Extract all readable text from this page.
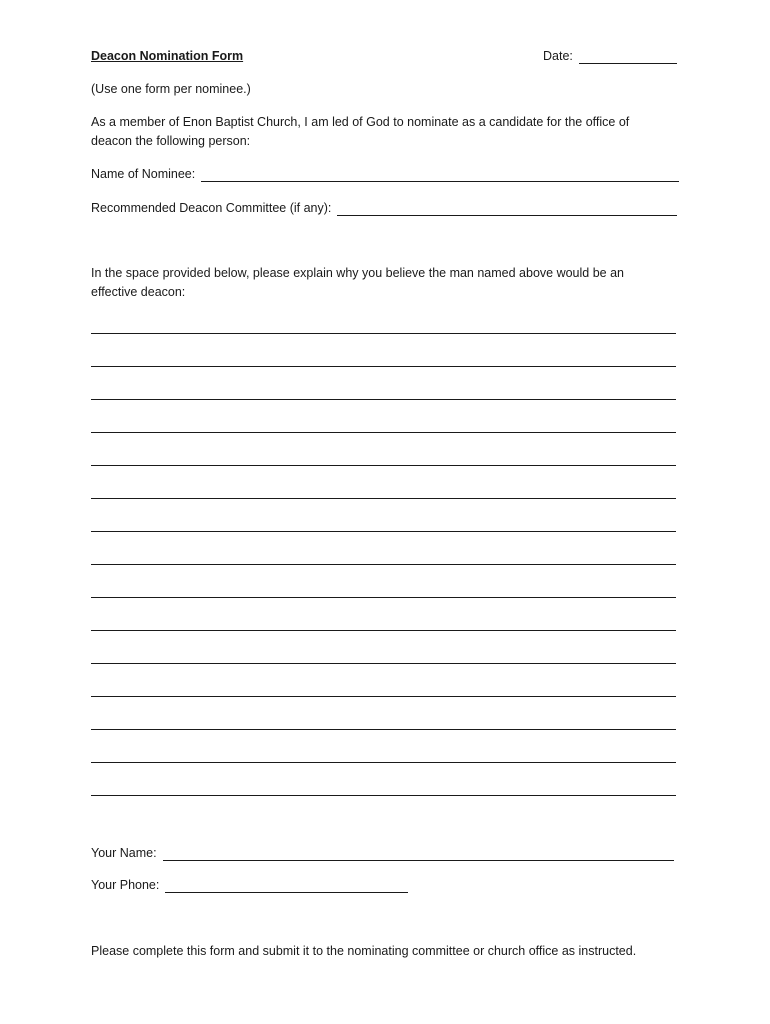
Deacon Nomination Form	Date:
(Use one form per nominee.)
As a member of Enon Baptist Church, I am led of God to nominate as a candidate for the office of deacon the following person:
Name of Nominee:
Recommended Deacon Committee (if any):
In the space provided below, please explain why you believe the man named above would be an effective deacon:
Your Name:
Your Phone:
Please complete this form and submit it to the nominating committee or church office as instructed.
